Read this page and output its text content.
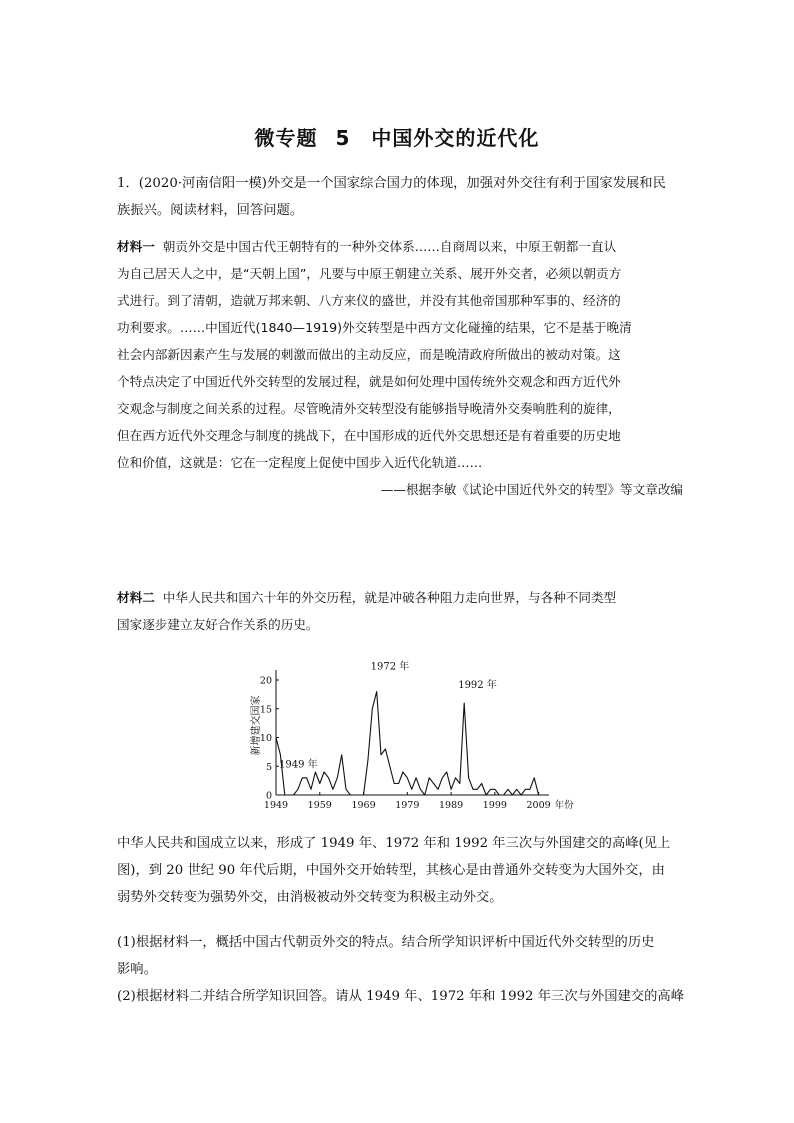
微专题 5　中国外交的近代化
1．(2020·河南信阳一模)外交是一个国家综合国力的体现，加强对外交往有利于国家发展和民
族振兴。阅读材料，回答问题。
材料一 朝贡外交是中国古代王朝特有的一种外交体系……自商周以来，中原王朝都一直认
为自己居天人之中，是“天朝上国”，凡要与中原王朝建立关系、展开外交者，必须以朝贡方
式进行。到了清朝，造就万邦来朝、八方来仪的盛世，并没有其他帝国那种军事的、经济的
功利要求。……中国近代(1840—1919)外交转型是中西方文化碰撞的结果，它不是基于晚清
社会内部新因素产生与发展的刺激而做出的主动反应，而是晚清政府所做出的被动对策。这
个特点决定了中国近代外交转型的发展过程，就是如何处理中国传统外交观念和西方近代外
交观念与制度之间关系的过程。尽管晚清外交转型没有能够指导晚清外交奏响胜利的旋律，
但在西方近代外交理念与制度的挑战下，在中国形成的近代外交思想还是有着重要的历史地
位和价值，这就是：它在一定程度上促使中国步入近代化轨道……
——根据李敏《试论中国近代外交的转型》等文章改编
材料二 中华人民共和国六十年的外交历程，就是冲破各种阻力走向世界，与各种不同类型
国家逐步建立友好合作关系的历史。
0
5
10
15
20
1949 1959 1969 1979 1989 1999 2009 年份
新增建交国家
1949 年
1972 年
1992 年
中华人民共和国成立以来，形成了 1949 年、1972 年和 1992 年三次与外国建交的高峰(见上
图)，到 20 世纪 90 年代后期，中国外交开始转型，其核心是由普通外交转变为大国外交，由
弱势外交转变为强势外交，由消极被动外交转变为积极主动外交。
(1)根据材料一，概括中国古代朝贡外交的特点。结合所学知识评析中国近代外交转型的历史
影响。
(2)根据材料二并结合所学知识回答。请从 1949 年、1972 年和 1992 年三次与外国建交的高峰
